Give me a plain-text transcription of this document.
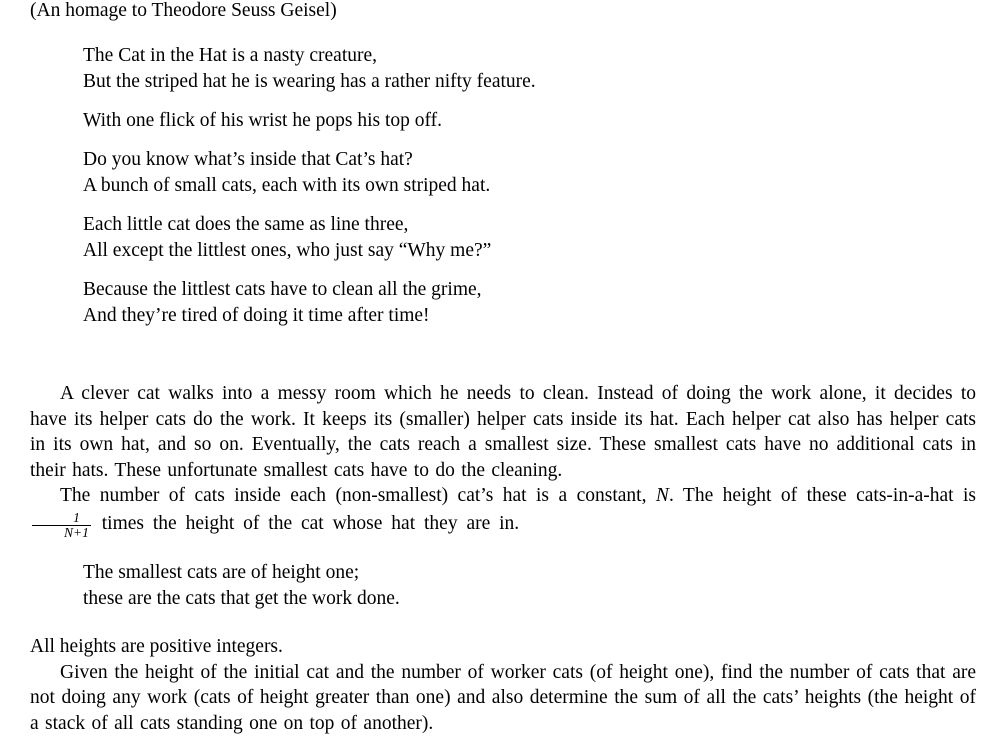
(An homage to Theodore Seuss Geisel)
The Cat in the Hat is a nasty creature,
But the striped hat he is wearing has a rather nifty feature.
With one flick of his wrist he pops his top off.
Do you know what’s inside that Cat’s hat?
A bunch of small cats, each with its own striped hat.
Each little cat does the same as line three,
All except the littlest ones, who just say “Why me?”
Because the littlest cats have to clean all the grime,
And they’re tired of doing it time after time!

A clever cat walks into a messy room which he needs to clean. Instead of doing the work alone, it decides to have its helper cats do the work. It keeps its (smaller) helper cats inside its hat. Each helper cat also has helper cats in its own hat, and so on. Eventually, the cats reach a smallest size. These smallest cats have no additional cats in their hats. These unfortunate smallest cats have to do the cleaning.

The number of cats inside each (non-smallest) cat’s hat is a constant, N. The height of these cats-in-a-hat is
$\frac{1}{N+1}$ times the height of the cat whose hat they are in.

The smallest cats are of height one;
these are the cats that get the work done.

All heights are positive integers.

Given the height of the initial cat and the number of worker cats (of height one), find the number of cats that are not doing any work (cats of height greater than one) and also determine the sum of all the cats’ heights (the height of a stack of all cats standing one on top of another).
